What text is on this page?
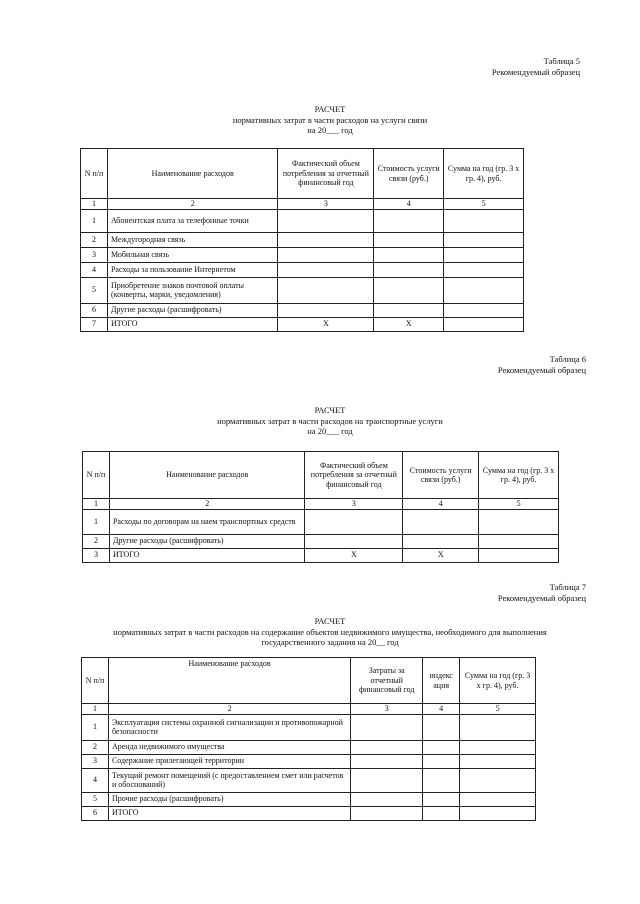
Таблица 5
Рекомендуемый образец
РАСЧЕТ
нормативных затрат в части расходов на услуги связи
на 20___ год
N п/п	Наименование расходов	Фактический объем потребления за отчетный финансовый год	Стоимость услуги связи (руб.)	Сумма на год (гр. 3 x гр. 4), руб.
1	2	3	4	5
1	Абонентская плата за телефонные точки			
2	Междугородная связь			
3	Мобильная связь			
4	Расходы за пользование Интернетом			
5	Приобретение знаков почтовой оплаты (конверты, марки, уведомления)			
6	Другие расходы (расшифровать)			
7	ИТОГО	X	X	
Таблица 6
Рекомендуемый образец
РАСЧЕТ
нормативных затрат в части расходов на транспортные услуги
на 20___ год
N п/п	Наименование расходов	Фактический объем потребления за отчетный финансовый год	Стоимость услуги связи (руб.)	Сумма на год (гр. 3 x гр. 4), руб.
1	2	3	4	5
1	Расходы по договорам на наем транспортных средств			
2	Другие расходы (расшифровать)			
3	ИТОГО	X	X	
Таблица 7
Рекомендуемый образец
РАСЧЕТ
нормативных затрат в части расходов на содержание объектов недвижимого имущества, необходимого для выполнения
государственного задания на 20__ год
N п/п	Наименование расходов	Затраты за отчетный финансовый год	индекс ация	Сумма на год (гр. 3 x гр. 4), руб.
1	2	3	4	5
1	Эксплуатация системы охранной сигнализации и противопожарной безопасности			
2	Аренда недвижимого имущества			
3	Содержание прилегающей территории			
4	Текущий ремонт помещений (с предоставлением смет или расчетов и обоснований)			
5	Прочие расходы (расшифровать)			
6	ИТОГО			
